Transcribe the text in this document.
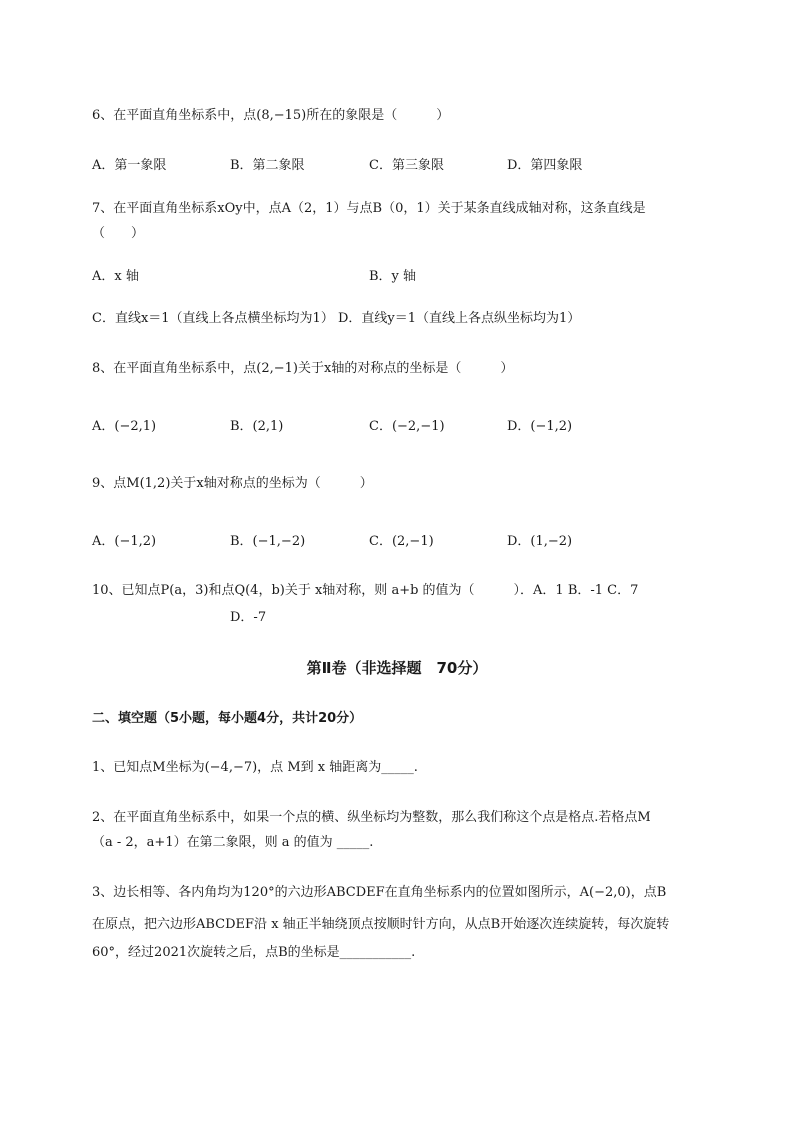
6、在平面直角坐标系中，点(8,−15)所在的象限是（　　　）
A．第一象限	B．第二象限	C．第三象限	D．第四象限
7、在平面直角坐标系xOy中，点A（2，1）与点B（0，1）关于某条直线成轴对称，这条直线是
（　　）
A．x 轴	B．y 轴
C．直线x＝1（直线上各点横坐标均为1） D．直线y＝1（直线上各点纵坐标均为1）
8、在平面直角坐标系中，点(2,−1)关于x轴的对称点的坐标是（　　　）
A．(−2,1)	B．(2,1)	C．(−2,−1)	D．(−1,2)
9、点M(1,2)关于x轴对称点的坐标为（　　　）
A．(−1,2)	B．(−1,−2)	C．(2,−1)	D．(1,−2)
10、已知点P(a，3)和点Q(4，b)关于 x轴对称，则 a+b 的值为（　　　）．A．1 B．-1 C．7
D．-7
第Ⅱ卷（非选择题　70分）
二、填空题（5小题，每小题4分，共计20分）
1、已知点M坐标为(−4,−7)，点 M到 x 轴距离为_____.
2、在平面直角坐标系中，如果一个点的横、纵坐标均为整数，那么我们称这个点是格点.若格点M
（a - 2，a+1）在第二象限，则 a 的值为 _____.
3、边长相等、各内角均为120°的六边形ABCDEF在直角坐标系内的位置如图所示，A(−2,0)，点B
在原点，把六边形ABCDEF沿 x 轴正半轴绕顶点按顺时针方向，从点B开始逐次连续旋转，每次旋转
60°，经过2021次旋转之后，点B的坐标是___________.
